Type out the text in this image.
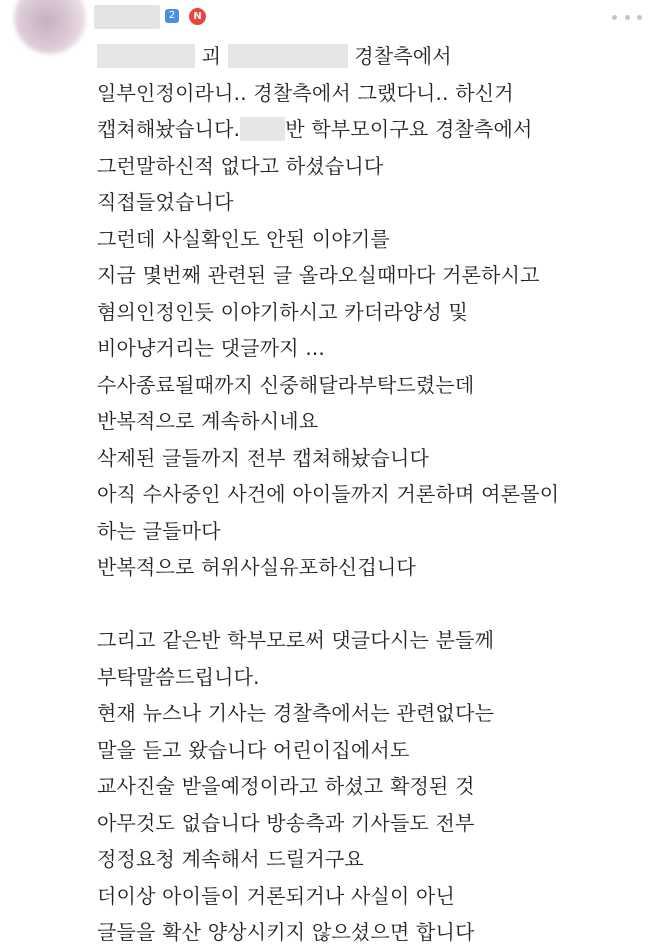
2	N
괴	경찰측에서
일부인정이라니.. 경찰측에서 그랬다니.. 하신거
캡쳐해놨습니다. 반 학부모이구요 경찰측에서
그런말하신적 없다고 하셨습니다
직접들었습니다
그런데 사실확인도 안된 이야기를
지금 몇번째 관련된 글 올라오실때마다 거론하시고
혐의인정인듯 이야기하시고 카더라양성 및
비아냥거리는 댓글까지 ...
수사종료될때까지 신중해달라부탁드렸는데
반복적으로 계속하시네요
삭제된 글들까지 전부 캡쳐해놨습니다
아직 수사중인 사건에 아이들까지 거론하며 여론몰이
하는 글들마다
반복적으로 허위사실유포하신겁니다
그리고 같은반 학부모로써 댓글다시는 분들께
부탁말씀드립니다.
현재 뉴스나 기사는 경찰측에서는 관련없다는
말을 듣고 왔습니다 어린이집에서도
교사진술 받을예정이라고 하셨고 확정된 것
아무것도 없습니다 방송측과 기사들도 전부
정정요청 계속해서 드릴거구요
더이상 아이들이 거론되거나 사실이 아닌
글들을 확산 양상시키지 않으셨으면 합니다
